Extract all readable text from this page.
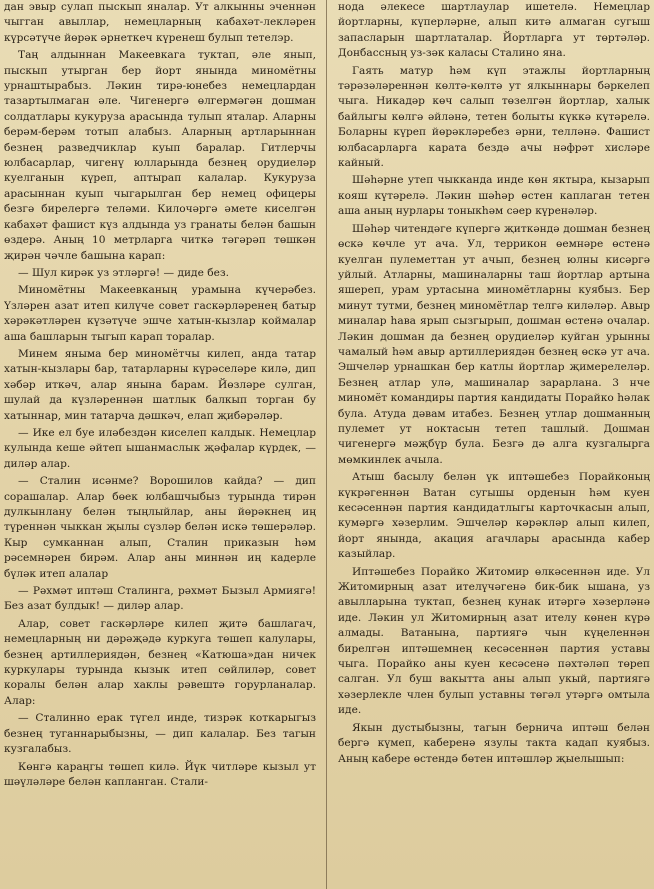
дан эвыр сулап пыскып яналар. Ут алкынны эченнән чыгган авыллар, немецларның кабахәт-лекләрен күрсәтүче йөрәк әрнеткеч күренеш булып тетелэр.

Таң алдыннан Макеевкага туктап, әле янып, пыскып утырган бер йорт янында миномётны урнаштырабыз. Ләкин тирә-юнебез немецлардан тазартылмаган әле. Чигенергә өлгермәгән дошман солдатлары кукуруза арасында тулып яталар. Аларны берәм-берәм тотып алабыз. Аларның артларыннан безнең разведчиклар куып баралар. Гитлерчы юлбасарлар, чигенү юлларында безнең орудиеләр куелганын күреп, аптырап калалар. Кукуруза арасыннан куып чыгарылган бер немец офицеры безгә бирелергә теләми. Килочәргә әмете киселгән кабахәт фашист күз алдында уз гранаты белән башын өздерә. Аның 10 метрларга читкә тәгәрәп төшкән җирән чәчле башына карап:

— Шул кирәк уз этләргә! — диде без.

Миномётны Макеевканың урамына күчерәбез. Үзләрен азат итеп килүче совет гаскәрләренең батыр хәрәкәтләрен күзәтүче эшче хатын-кызлар коймалар аша башларын тыгып карап торалар.

Минем яныма бер миномётчы килеп, анда татар хатын-кызлары бар, татарларны күрәселәре килә, дип хәбәр иткәч, алар янына барам. Йөзләре сулган, шулай да күзләреннән шатлык балкып торган бу хатыннар, мин татарча дәшкәч, елап җибәрәләр.

— Ике ел буе иләбездән киселеп калдык. Немецлар кулында кеше әйтеп ышанмаслык җәфалар күрдек, — диләр алар.

— Сталин исәнме? Ворошилов кайда? — дип сорашалар. Алар бөек юлбашчыбыз турында тирән дулкынлану белән тыңлыйлар, аны йөрәкнең иң түреннән чыккан җылы сүзләр белән искә төшерәләр. Кыр сумканнан алып, Сталин приказын һәм рәсемнәрен бирәм. Алар аны миннән иң кадерле бүләк итеп алалар

— Рәхмәт иптәш Сталинга, рәхмәт Бызыл Армиягә! Без азат булдык! — диләр алар.

Алар, совет гаскәрләре килеп җитә башлагач, немецларның ни дәрәҗәдә куркуга төшеп калулары, безнең артиллериядән, безнең «Катюша»дан ничек куркулары турында кызык итеп сөйлиләр, совет коралы белән алар хаклы рәвештә горурланалар. Алар:

— Сталинно ерак түгел инде, тизрәк коткарыгыз безнең туганнарыбызны, — дип калалар. Без тагын кузгалабыз.

Көнгә караңгы төшеп килә. Йүк читләре кызыл ут шәүләләре белән капланган. Стали-

нода әлекесе шартлаулар ишетелә. Немецлар йортларны, күперләрне, алып китә алмаган сугыш запасларын шартлаталар. Йортларга ут төртәләр. Донбассның уз-зәк каласы Сталино яна.

Гаять матур һәм күп этажлы йортларның тәрәзәләреннән көлтә-көлтә ут ялкыннары бәркелеп чыга. Никадәр көч салып төзелгән йортлар, халык байлыгы көлгә әйләнә, тетен болыты күккә күтәрелә. Боларны күреп йөрәкләребез әрни, телләнә. Фашист юлбасарларга карата бездә ачы нәфрәт хисләре кайный.

Шәһәрне утеп чыкканда инде көн яктыра, кызарып кояш күтәрелә. Ләкин шәһәр өстен каплаган тетен аша аның нурлары тоныкһәм сәер күренәләр.

Шәһәр читендәге күпергә җиткәндә дошман безнең өскә көчле ут ача. Ул, террикон өемнәре өстенә куелган пулеметтан ут ачып, безнең юлны кисәргә уйлый. Атларны, машиналарны таш йортлар артына яшереп, урам уртасына миномётларны куябыз. Бер минут тутми, безнең миномётлар телгә киләләр. Авыр миналар һава ярып сызгырып, дошман өстенә очалар. Ләкин дошман да безнең орудиеләр куйган урынны чамалый һәм авыр артиллериядән безнең өскә ут ача. Эшчеләр урнашкан бер катлы йортлар җимерелеләр. Безнең атлар улә, машиналар зарарлана. 3 нче миномёт командиры партия кандидаты Порайко һәлак була. Атуда дәвам итабез. Безнең утлар дошманның пулемет ут ноктасын тетеп ташлый. Дошман чигенергә мәҗбүр була. Безгә дә алга кузгалырга мөмкинлек ачыла.

Атыш басылу белән үк иптәшебез Порайконың күкрәгеннән Ватан сугышы орденын һәм куен кесәсеннән партия кандидатлыгы карточкасын алып, кумәргә хәзерлим. Эшчеләр кәрәкләр алып килеп, йорт янында, акация агачлары арасында кабер казыйлар.

Иптәшебез Порайко Житомир өлкәсеннән иде. Ул Житомирның азат ителүчәгенә бик-бик ышана, уз авылларына туктап, безнең кунак итәргә хәзерләнә иде. Ләкин ул Житомирның азат ителу көнен күрә алмады. Ватанына, партиягә чын күңеленнән бирелгән иптәшемнең кесәсеннән партия уставы чыга. Порайко аны куен кесәсенә пәхтәләп төреп салган. Ул буш вакытта аны алып укый, партиягә хәзерлекле член булып уставны төгәл утәргә омтыла иде.

Якын дустыбызны, тагын бернича иптәш белән бергә күмеп, каберенә язулы такта кадап куябыз. Аның кабере өстендә бөтен иптәшләр җыелышып:
